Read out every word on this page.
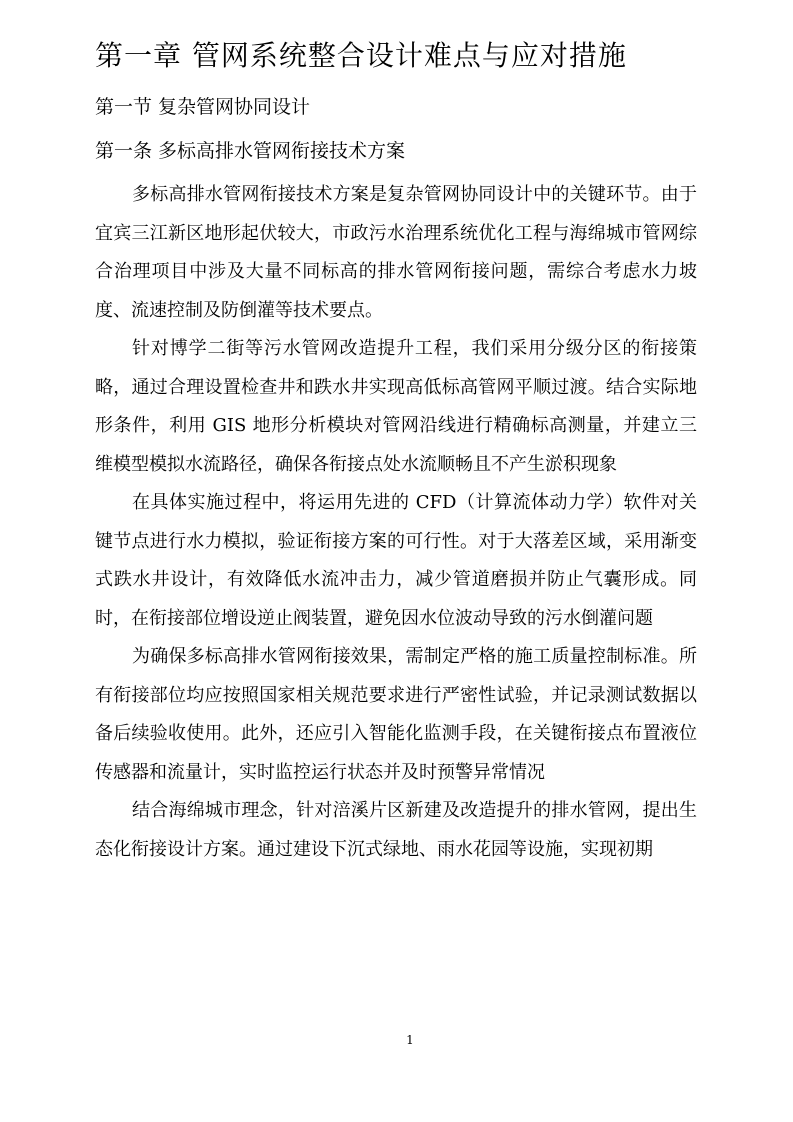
第一章 管网系统整合设计难点与应对措施
第一节 复杂管网协同设计
第一条 多标高排水管网衔接技术方案

多标高排水管网衔接技术方案是复杂管网协同设计中的关键环节。由于宜宾三江新区地形起伏较大，市政污水治理系统优化工程与海绵城市管网综合治理项目中涉及大量不同标高的排水管网衔接问题，需综合考虑水力坡度、流速控制及防倒灌等技术要点。

针对博学二街等污水管网改造提升工程，我们采用分级分区的衔接策略，通过合理设置检查井和跌水井实现高低标高管网平顺过渡。结合实际地形条件，利用 GIS 地形分析模块对管网沿线进行精确标高测量，并建立三维模型模拟水流路径，确保各衔接点处水流顺畅且不产生淤积现象

在具体实施过程中，将运用先进的 CFD（计算流体动力学）软件对关键节点进行水力模拟，验证衔接方案的可行性。对于大落差区域，采用渐变式跌水井设计，有效降低水流冲击力，减少管道磨损并防止气囊形成。同时，在衔接部位增设逆止阀装置，避免因水位波动导致的污水倒灌问题

为确保多标高排水管网衔接效果，需制定严格的施工质量控制标准。所有衔接部位均应按照国家相关规范要求进行严密性试验，并记录测试数据以备后续验收使用。此外，还应引入智能化监测手段，在关键衔接点布置液位传感器和流量计，实时监控运行状态并及时预警异常情况

结合海绵城市理念，针对涪溪片区新建及改造提升的排水管网，提出生态化衔接设计方案。通过建设下沉式绿地、雨水花园等设施，实现初期

1
